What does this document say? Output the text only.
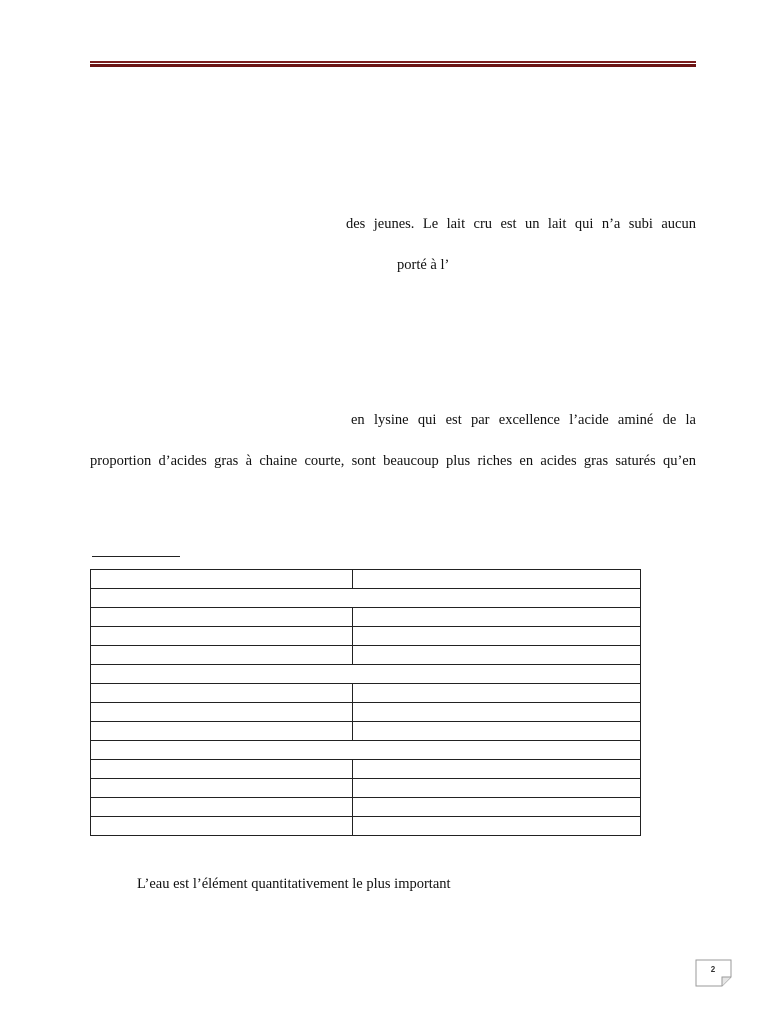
des jeunes. Le lait cru est un lait qui n’a subi aucun
porté à l’
en lysine qui est par excellence l’acide aminé de la
proportion d’acides gras à chaine courte, sont beaucoup plus riches en acides gras saturés qu’en

L’eau est l’élément quantitativement le plus important
2
